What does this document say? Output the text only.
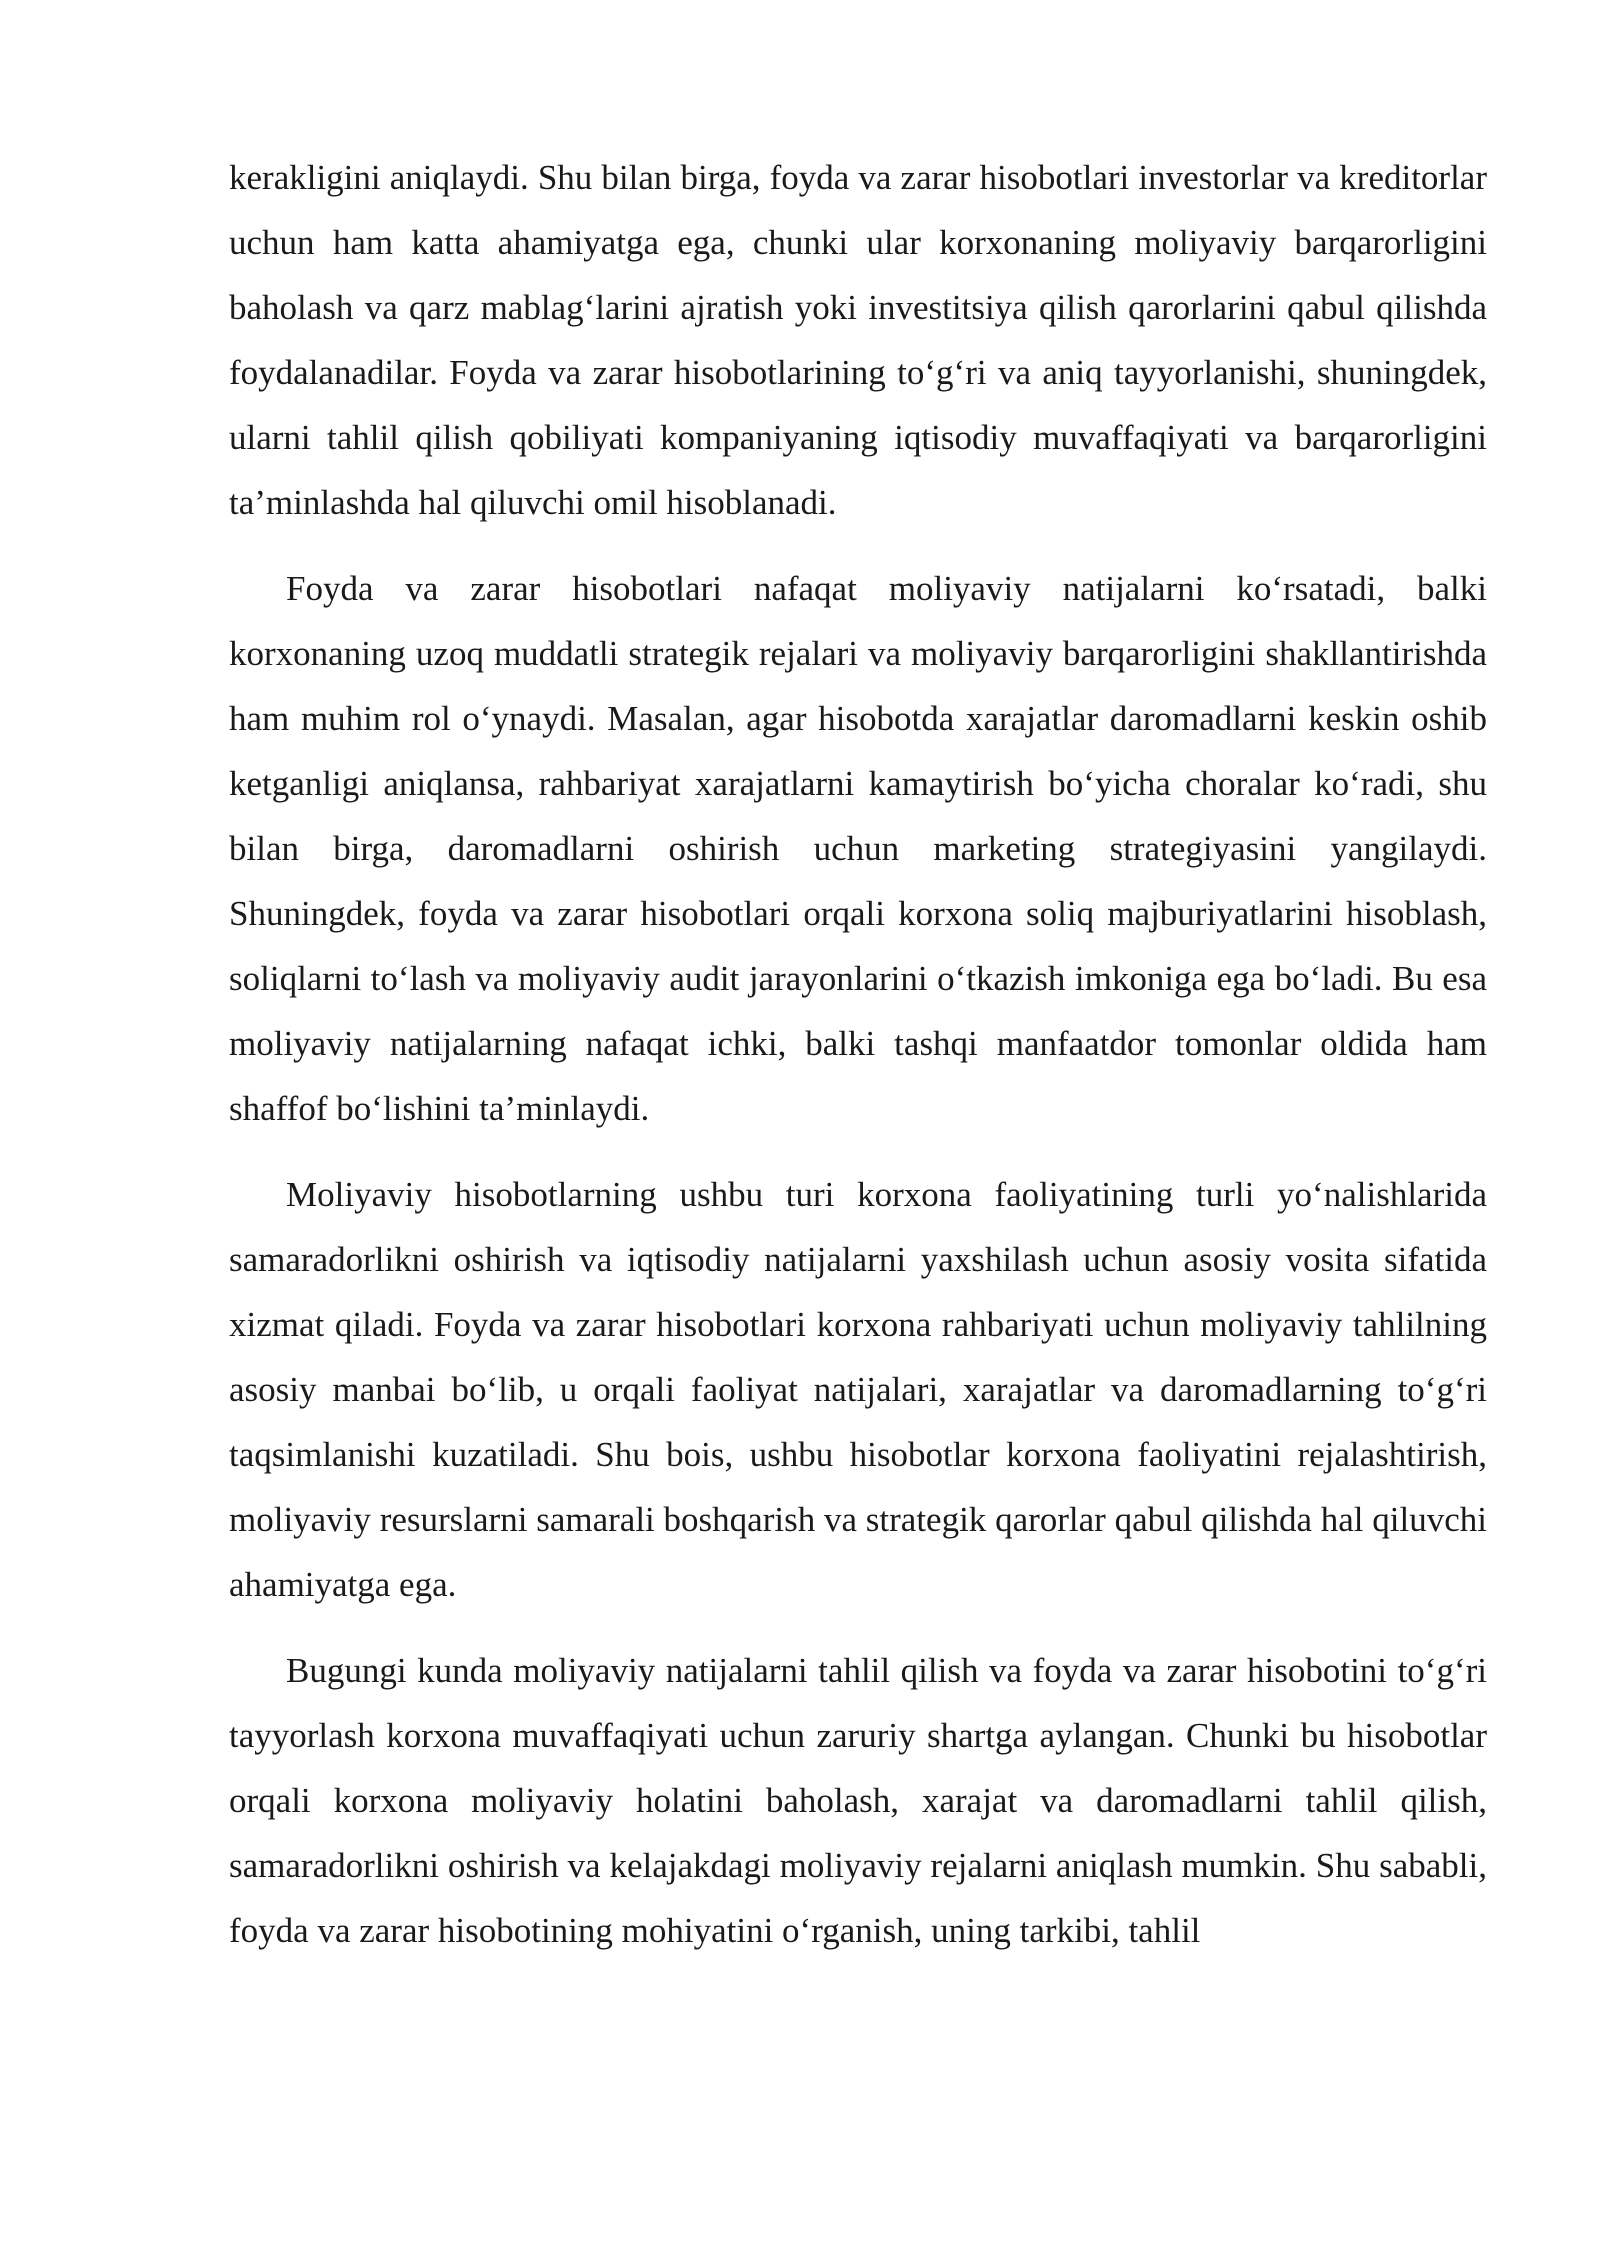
kerakligini aniqlaydi. Shu bilan birga, foyda va zarar hisobotlari investorlar va kreditorlar uchun ham katta ahamiyatga ega, chunki ular korxonaning moliyaviy barqarorligini baholash va qarz mablag‘larini ajratish yoki investitsiya qilish qarorlarini qabul qilishda foydalanadilar. Foyda va zarar hisobotlarining to‘g‘ri va aniq tayyorlanishi, shuningdek, ularni tahlil qilish qobiliyati kompaniyaning iqtisodiy muvaffaqiyati va barqarorligini ta’minlashda hal qiluvchi omil hisoblanadi.

Foyda va zarar hisobotlari nafaqat moliyaviy natijalarni ko‘rsatadi, balki korxonaning uzoq muddatli strategik rejalari va moliyaviy barqarorligini shakllantirishda ham muhim rol o‘ynaydi. Masalan, agar hisobotda xarajatlar daromadlarni keskin oshib ketganligi aniqlansa, rahbariyat xarajatlarni kamaytirish bo‘yicha choralar ko‘radi, shu bilan birga, daromadlarni oshirish uchun marketing strategiyasini yangilaydi. Shuningdek, foyda va zarar hisobotlari orqali korxona soliq majburiyatlarini hisoblash, soliqlarni to‘lash va moliyaviy audit jarayonlarini o‘tkazish imkoniga ega bo‘ladi. Bu esa moliyaviy natijalarning nafaqat ichki, balki tashqi manfaatdor tomonlar oldida ham shaffof bo‘lishini ta’minlaydi.

Moliyaviy hisobotlarning ushbu turi korxona faoliyatining turli yo‘nalishlarida samaradorlikni oshirish va iqtisodiy natijalarni yaxshilash uchun asosiy vosita sifatida xizmat qiladi. Foyda va zarar hisobotlari korxona rahbariyati uchun moliyaviy tahlilning asosiy manbai bo‘lib, u orqali faoliyat natijalari, xarajatlar va daromadlarning to‘g‘ri taqsimlanishi kuzatiladi. Shu bois, ushbu hisobotlar korxona faoliyatini rejalashtirish, moliyaviy resurslarni samarali boshqarish va strategik qarorlar qabul qilishda hal qiluvchi ahamiyatga ega.

Bugungi kunda moliyaviy natijalarni tahlil qilish va foyda va zarar hisobotini to‘g‘ri tayyorlash korxona muvaffaqiyati uchun zaruriy shartga aylangan. Chunki bu hisobotlar orqali korxona moliyaviy holatini baholash, xarajat va daromadlarni tahlil qilish, samaradorlikni oshirish va kelajakdagi moliyaviy rejalarni aniqlash mumkin. Shu sababli, foyda va zarar hisobotining mohiyatini o‘rganish, uning tarkibi, tahlil
